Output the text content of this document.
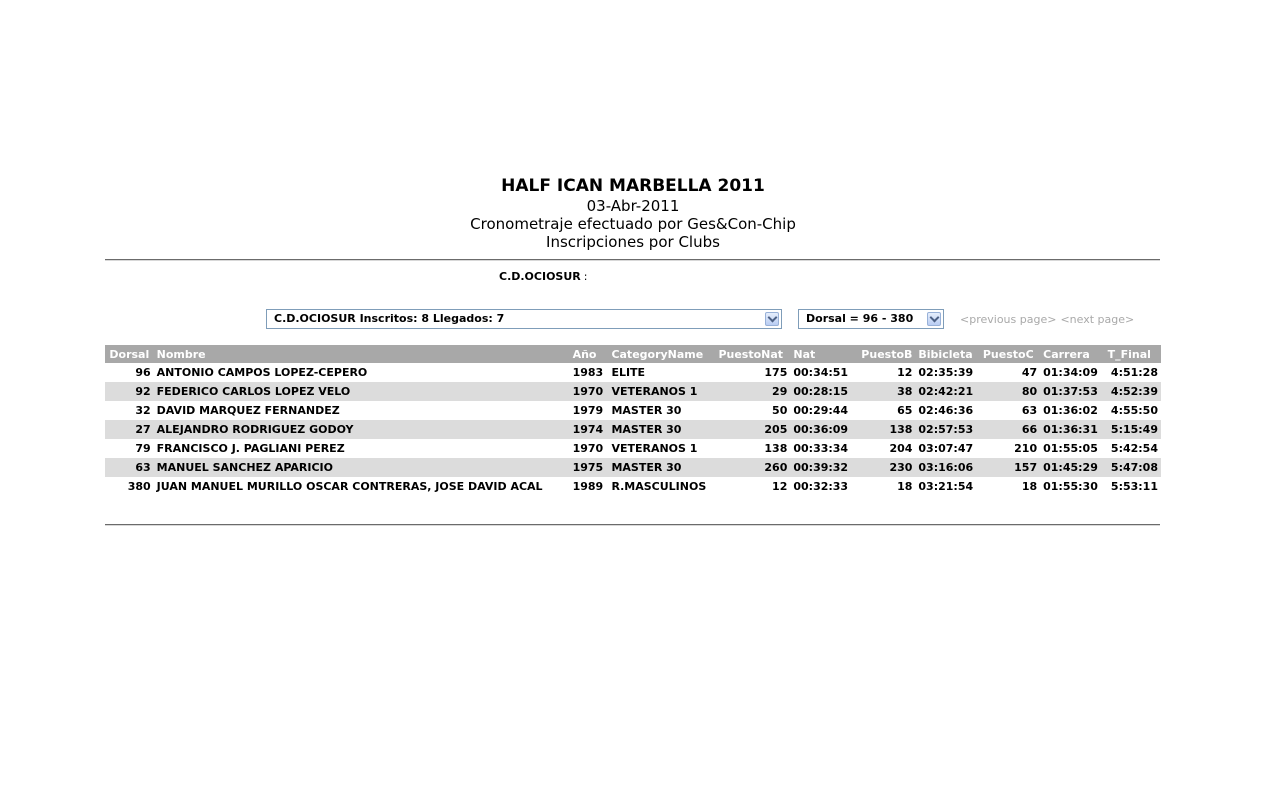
HALF ICAN MARBELLA 2011
03-Abr-2011
Cronometraje efectuado por Ges&Con-Chip
Inscripciones por Clubs
C.D.OCIOSUR :
C.D.OCIOSUR Inscritos: 8 Llegados: 7	Dorsal = 96 - 380	<previous page> <next page>
Dorsal	Nombre	Año	CategoryName	PuestoNat	Nat	PuestoB	Bibicleta	PuestoC	Carrera	T_Final
96	ANTONIO CAMPOS LOPEZ-CEPERO	1983	ELITE	175	00:34:51	12	02:35:39	47	01:34:09	4:51:28
92	FEDERICO CARLOS LOPEZ VELO	1970	VETERANOS 1	29	00:28:15	38	02:42:21	80	01:37:53	4:52:39
32	DAVID MARQUEZ FERNANDEZ	1979	MASTER 30	50	00:29:44	65	02:46:36	63	01:36:02	4:55:50
27	ALEJANDRO RODRIGUEZ GODOY	1974	MASTER 30	205	00:36:09	138	02:57:53	66	01:36:31	5:15:49
79	FRANCISCO J. PAGLIANI PEREZ	1970	VETERANOS 1	138	00:33:34	204	03:07:47	210	01:55:05	5:42:54
63	MANUEL SANCHEZ APARICIO	1975	MASTER 30	260	00:39:32	230	03:16:06	157	01:45:29	5:47:08
380	JUAN MANUEL MURILLO OSCAR CONTRERAS, JOSE DAVID ACAL	1989	R.MASCULINOS	12	00:32:33	18	03:21:54	18	01:55:30	5:53:11
